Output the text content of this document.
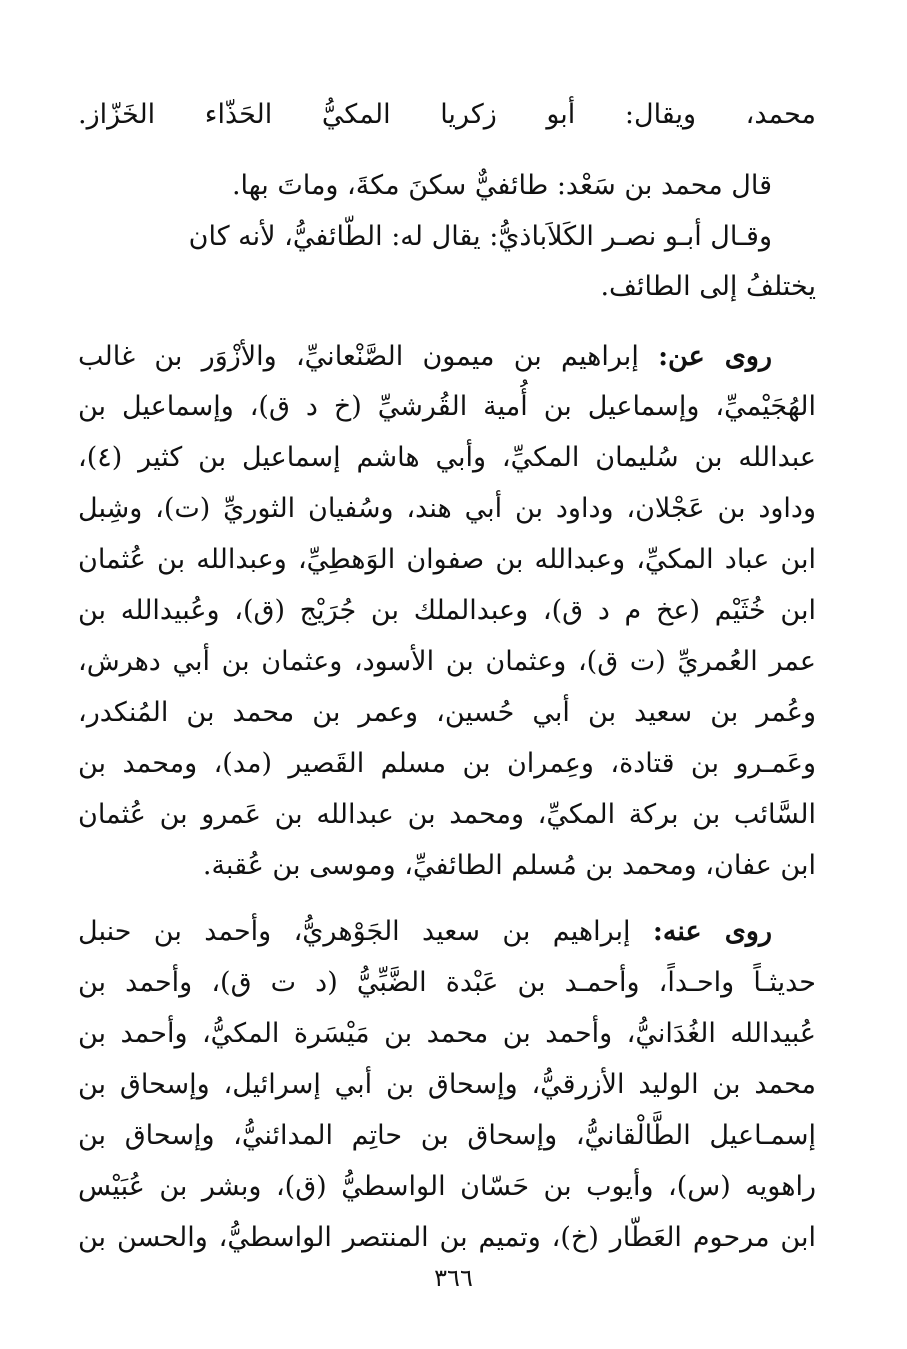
محمد، ويقال: أبو زكريا المكيُّ الحَذّاء الخَزّاز.
قال محمد بن سَعْد: طائفيٌّ سكنَ مكةَ، وماتَ بها.
وقـال أبـو نصـر الكَلاَباذيُّ: يقال له: الطّائفيُّ، لأنه كان
يختلفُ إلى الطائف.
روى عن: إبراهيم بن ميمون الصَّنْعانيِّ، والأزْوَر بن غالب
الهُجَيْميِّ، وإسماعيل بن أُمية القُرشيِّ (خ د ق)، وإسماعيل بن
عبدالله بن سُليمان المكيِّ، وأبي هاشم إسماعيل بن كثير (٤)،
وداود بن عَجْلان، وداود بن أبي هند، وسُفيان الثوريِّ (ت)، وشِبل
ابن عباد المكيِّ، وعبدالله بن صفوان الوَهطِيِّ، وعبدالله بن عُثمان
ابن خُثَيْم (عخ م د ق)، وعبدالملك بن جُرَيْج (ق)، وعُبيدالله بن
عمر العُمريِّ (ت ق)، وعثمان بن الأسود، وعثمان بن أبي دهرش،
وعُمر بن سعيد بن أبي حُسين، وعمر بن محمد بن المُنكدر،
وعَمـرو بن قتادة، وعِمران بن مسلم القَصير (مد)، ومحمد بن
السَّائب بن بركة المكيِّ، ومحمد بن عبدالله بن عَمرو بن عُثمان
ابن عفان، ومحمد بن مُسلم الطائفيِّ، وموسى بن عُقبة.
روى عنه: إبراهيم بن سعيد الجَوْهريُّ، وأحمد بن حنبل
حديثـاً واحـداً، وأحمـد بن عَبْدة الضَّبِّيُّ (د ت ق)، وأحمد بن
عُبيدالله الغُدَانيُّ، وأحمد بن محمد بن مَيْسَرة المكيُّ، وأحمد بن
محمد بن الوليد الأزرقيُّ، وإسحاق بن أبي إسرائيل، وإسحاق بن
إسمـاعيل الطَّالْقانيُّ، وإسحاق بن حاتِم المدائنيُّ، وإسحاق بن
راهويه (س)، وأيوب بن حَسّان الواسطيُّ (ق)، وبشر بن عُبَيْس
ابن مرحوم العَطّار (خ)، وتميم بن المنتصر الواسطيُّ، والحسن بن
٣٦٦
